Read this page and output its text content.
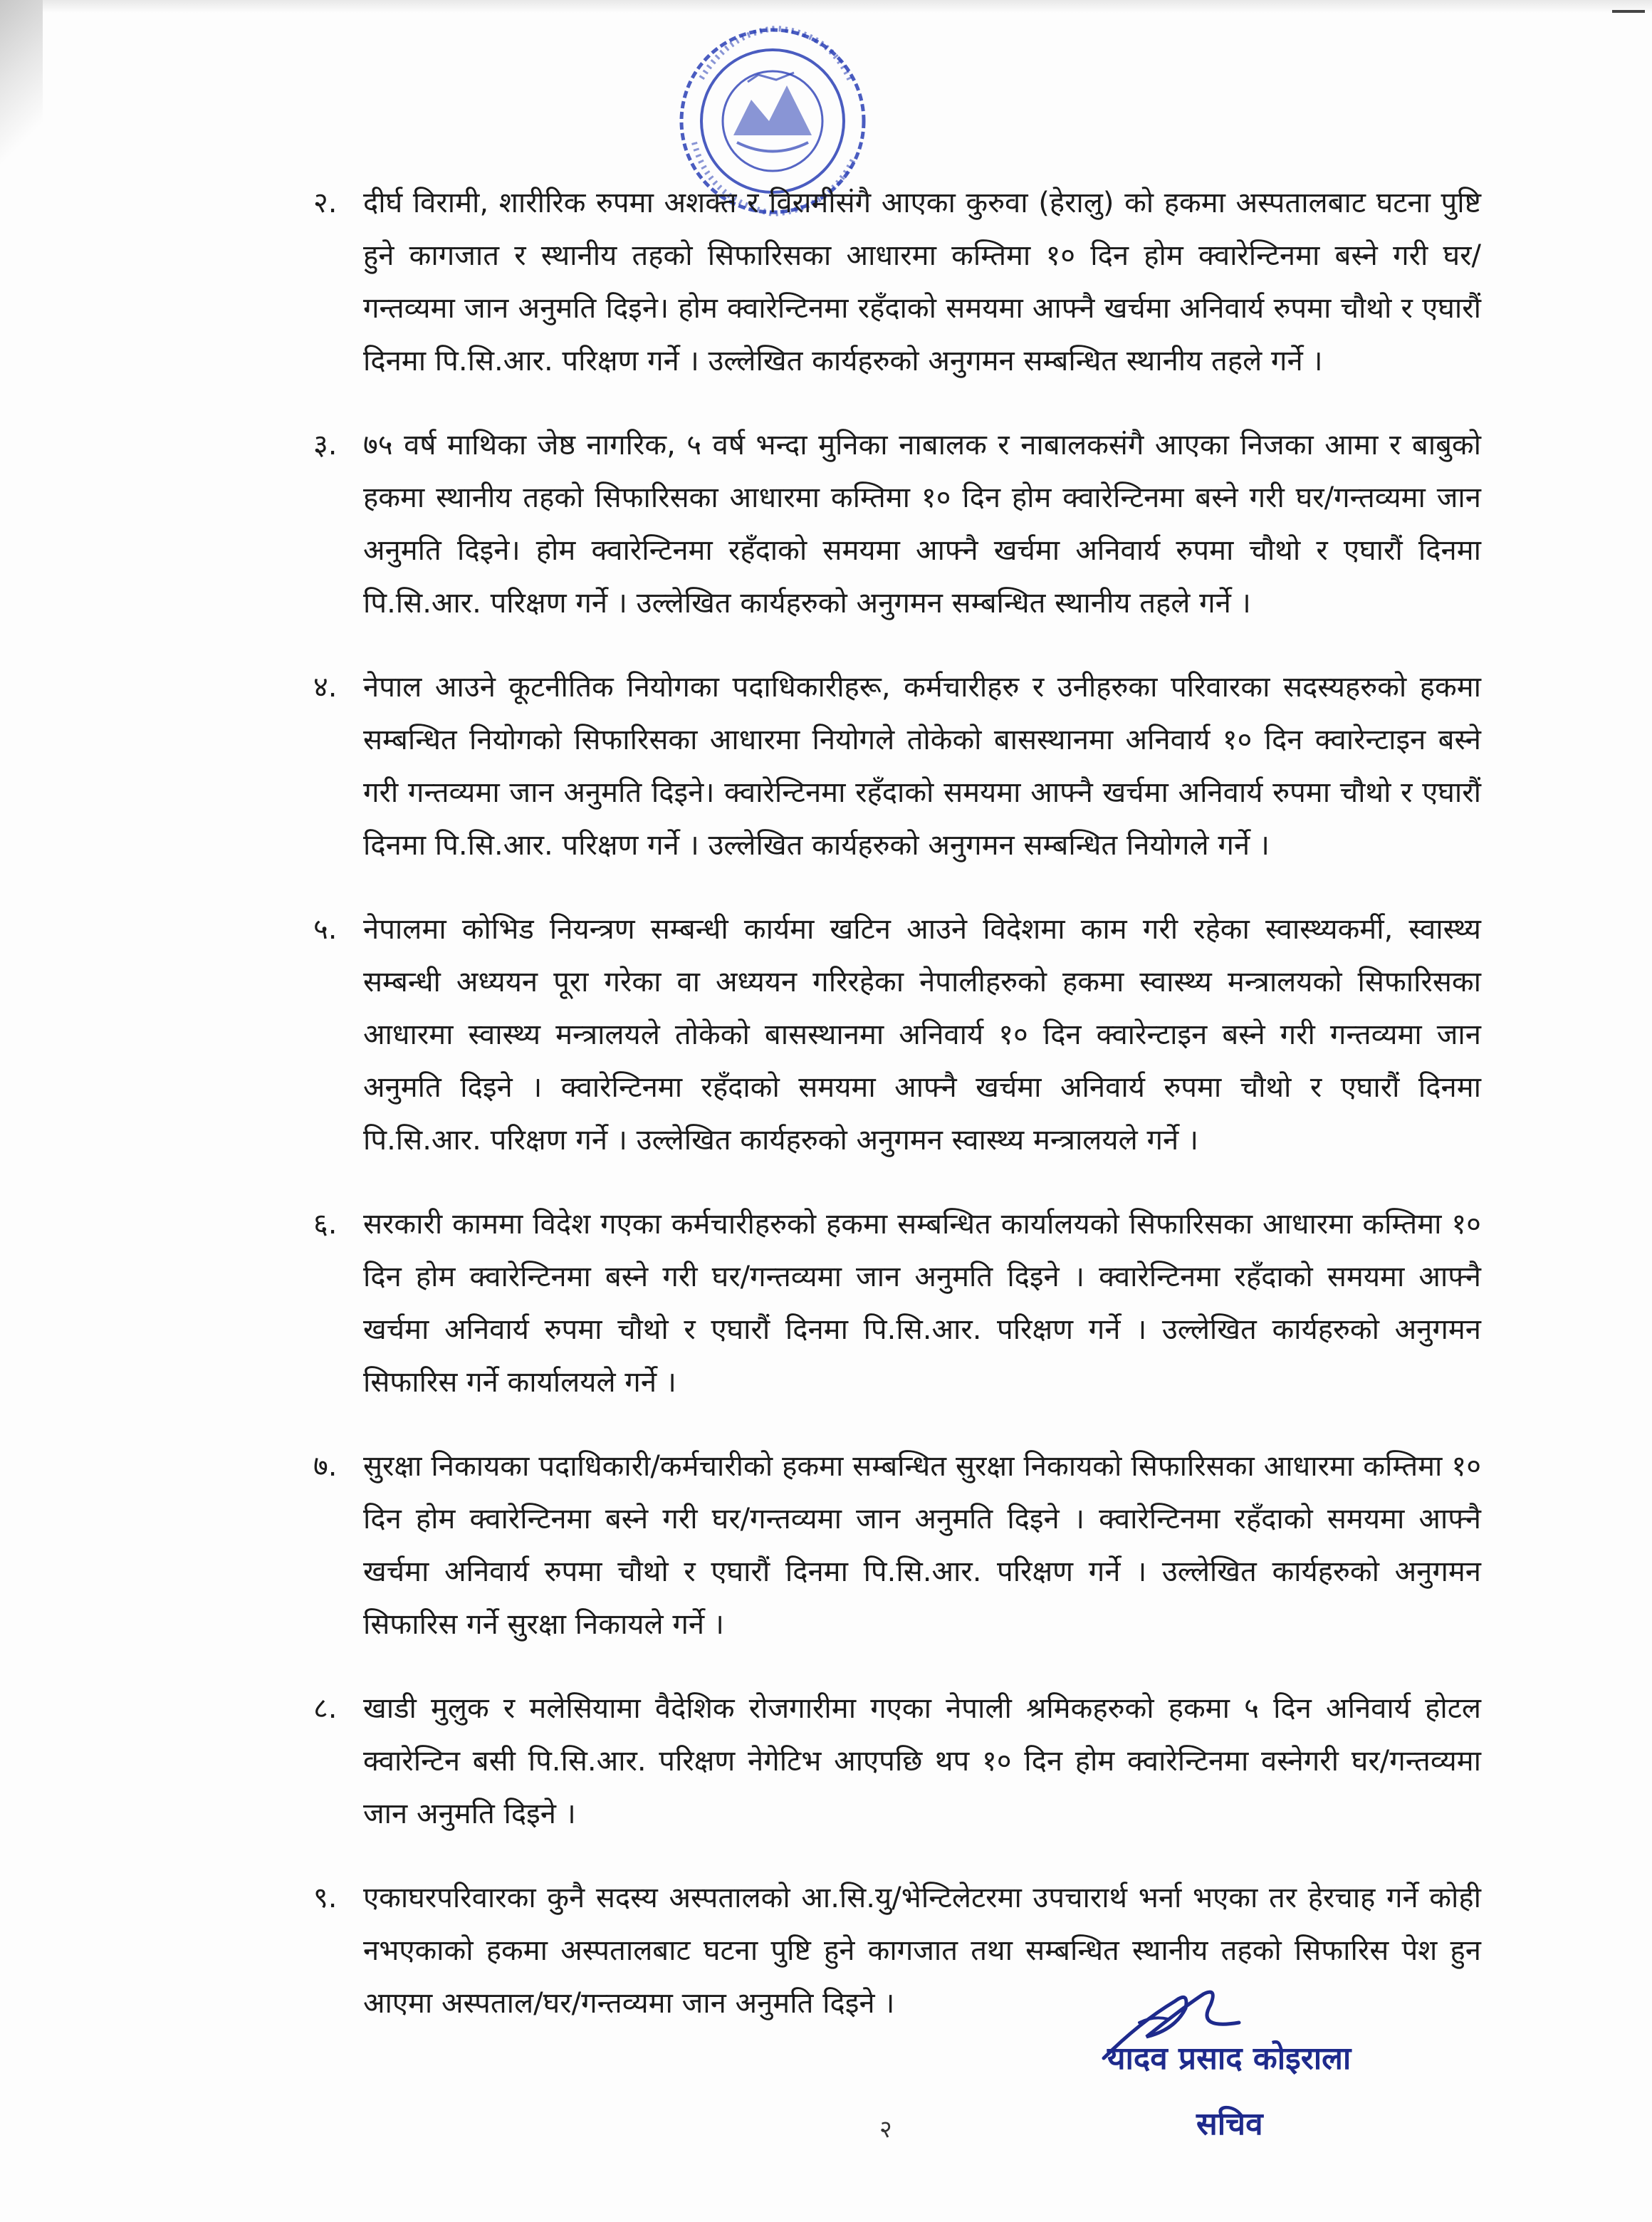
२. दीर्घ विरामी, शारीरिक रुपमा अशक्त र विरामीसंगै आएका कुरुवा (हेरालु) को हकमा अस्पतालबाट घटना पुष्टि हुने कागजात र स्थानीय तहको सिफारिसका आधारमा कम्तिमा १० दिन होम क्वारेन्टिनमा बस्ने गरी घर/गन्तव्यमा जान अनुमति दिइने। होम क्वारेन्टिनमा रहँदाको समयमा आफ्नै खर्चमा अनिवार्य रुपमा चौथो र एघारौं दिनमा पि.सि.आर. परिक्षण गर्ने । उल्लेखित कार्यहरुको अनुगमन सम्बन्धित स्थानीय तहले गर्ने ।
३. ७५ वर्ष माथिका जेष्ठ नागरिक, ५ वर्ष भन्दा मुनिका नाबालक र नाबालकसंगै आएका निजका आमा र बाबुको हकमा स्थानीय तहको सिफारिसका आधारमा कम्तिमा १० दिन होम क्वारेन्टिनमा बस्ने गरी घर/गन्तव्यमा जान अनुमति दिइने। होम क्वारेन्टिनमा रहँदाको समयमा आफ्नै खर्चमा अनिवार्य रुपमा चौथो र एघारौं दिनमा पि.सि.आर. परिक्षण गर्ने । उल्लेखित कार्यहरुको अनुगमन सम्बन्धित स्थानीय तहले गर्ने ।
४. नेपाल आउने कूटनीतिक नियोगका पदाधिकारीहरू, कर्मचारीहरु र उनीहरुका परिवारका सदस्यहरुको हकमा सम्बन्धित नियोगको सिफारिसका आधारमा नियोगले तोकेको बासस्थानमा अनिवार्य १० दिन क्वारेन्टाइन बस्ने गरी गन्तव्यमा जान अनुमति दिइने। क्वारेन्टिनमा रहँदाको समयमा आफ्नै खर्चमा अनिवार्य रुपमा चौथो र एघारौं दिनमा पि.सि.आर. परिक्षण गर्ने । उल्लेखित कार्यहरुको अनुगमन सम्बन्धित नियोगले गर्ने ।
५. नेपालमा कोभिड नियन्त्रण सम्बन्धी कार्यमा खटिन आउने विदेशमा काम गरी रहेका स्वास्थ्यकर्मी, स्वास्थ्य सम्बन्धी अध्ययन पूरा गरेका वा अध्ययन गरिरहेका नेपालीहरुको हकमा स्वास्थ्य मन्त्रालयको सिफारिसका आधारमा स्वास्थ्य मन्त्रालयले तोकेको बासस्थानमा अनिवार्य १० दिन क्वारेन्टाइन बस्ने गरी गन्तव्यमा जान अनुमति दिइने । क्वारेन्टिनमा रहँदाको समयमा आफ्नै खर्चमा अनिवार्य रुपमा चौथो र एघारौं दिनमा पि.सि.आर. परिक्षण गर्ने । उल्लेखित कार्यहरुको अनुगमन स्वास्थ्य मन्त्रालयले गर्ने ।
६. सरकारी काममा विदेश गएका कर्मचारीहरुको हकमा सम्बन्धित कार्यालयको सिफारिसका आधारमा कम्तिमा १० दिन होम क्वारेन्टिनमा बस्ने गरी घर/गन्तव्यमा जान अनुमति दिइने । क्वारेन्टिनमा रहँदाको समयमा आफ्नै खर्चमा अनिवार्य रुपमा चौथो र एघारौं दिनमा पि.सि.आर. परिक्षण गर्ने । उल्लेखित कार्यहरुको अनुगमन सिफारिस गर्ने कार्यालयले गर्ने ।
७. सुरक्षा निकायका पदाधिकारी/कर्मचारीको हकमा सम्बन्धित सुरक्षा निकायको सिफारिसका आधारमा कम्तिमा १० दिन होम क्वारेन्टिनमा बस्ने गरी घर/गन्तव्यमा जान अनुमति दिइने । क्वारेन्टिनमा रहँदाको समयमा आफ्नै खर्चमा अनिवार्य रुपमा चौथो र एघारौं दिनमा पि.सि.आर. परिक्षण गर्ने । उल्लेखित कार्यहरुको अनुगमन सिफारिस गर्ने सुरक्षा निकायले गर्ने ।
८. खाडी मुलुक र मलेसियामा वैदेशिक रोजगारीमा गएका नेपाली श्रमिकहरुको हकमा ५ दिन अनिवार्य होटल क्वारेन्टिन बसी पि.सि.आर. परिक्षण नेगेटिभ आएपछि थप १० दिन होम क्वारेन्टिनमा वस्नेगरी घर/गन्तव्यमा जान अनुमति दिइने ।
९. एकाघरपरिवारका कुनै सदस्य अस्पतालको आ.सि.यु/भेन्टिलेटरमा उपचारार्थ भर्ना भएका तर हेरचाह गर्ने कोही नभएकाको हकमा अस्पतालबाट घटना पुष्टि हुने कागजात तथा सम्बन्धित स्थानीय तहको सिफारिस पेश हुन आएमा अस्पताल/घर/गन्तव्यमा जान अनुमति दिइने ।
यादव प्रसाद कोइराला
सचिव
२
